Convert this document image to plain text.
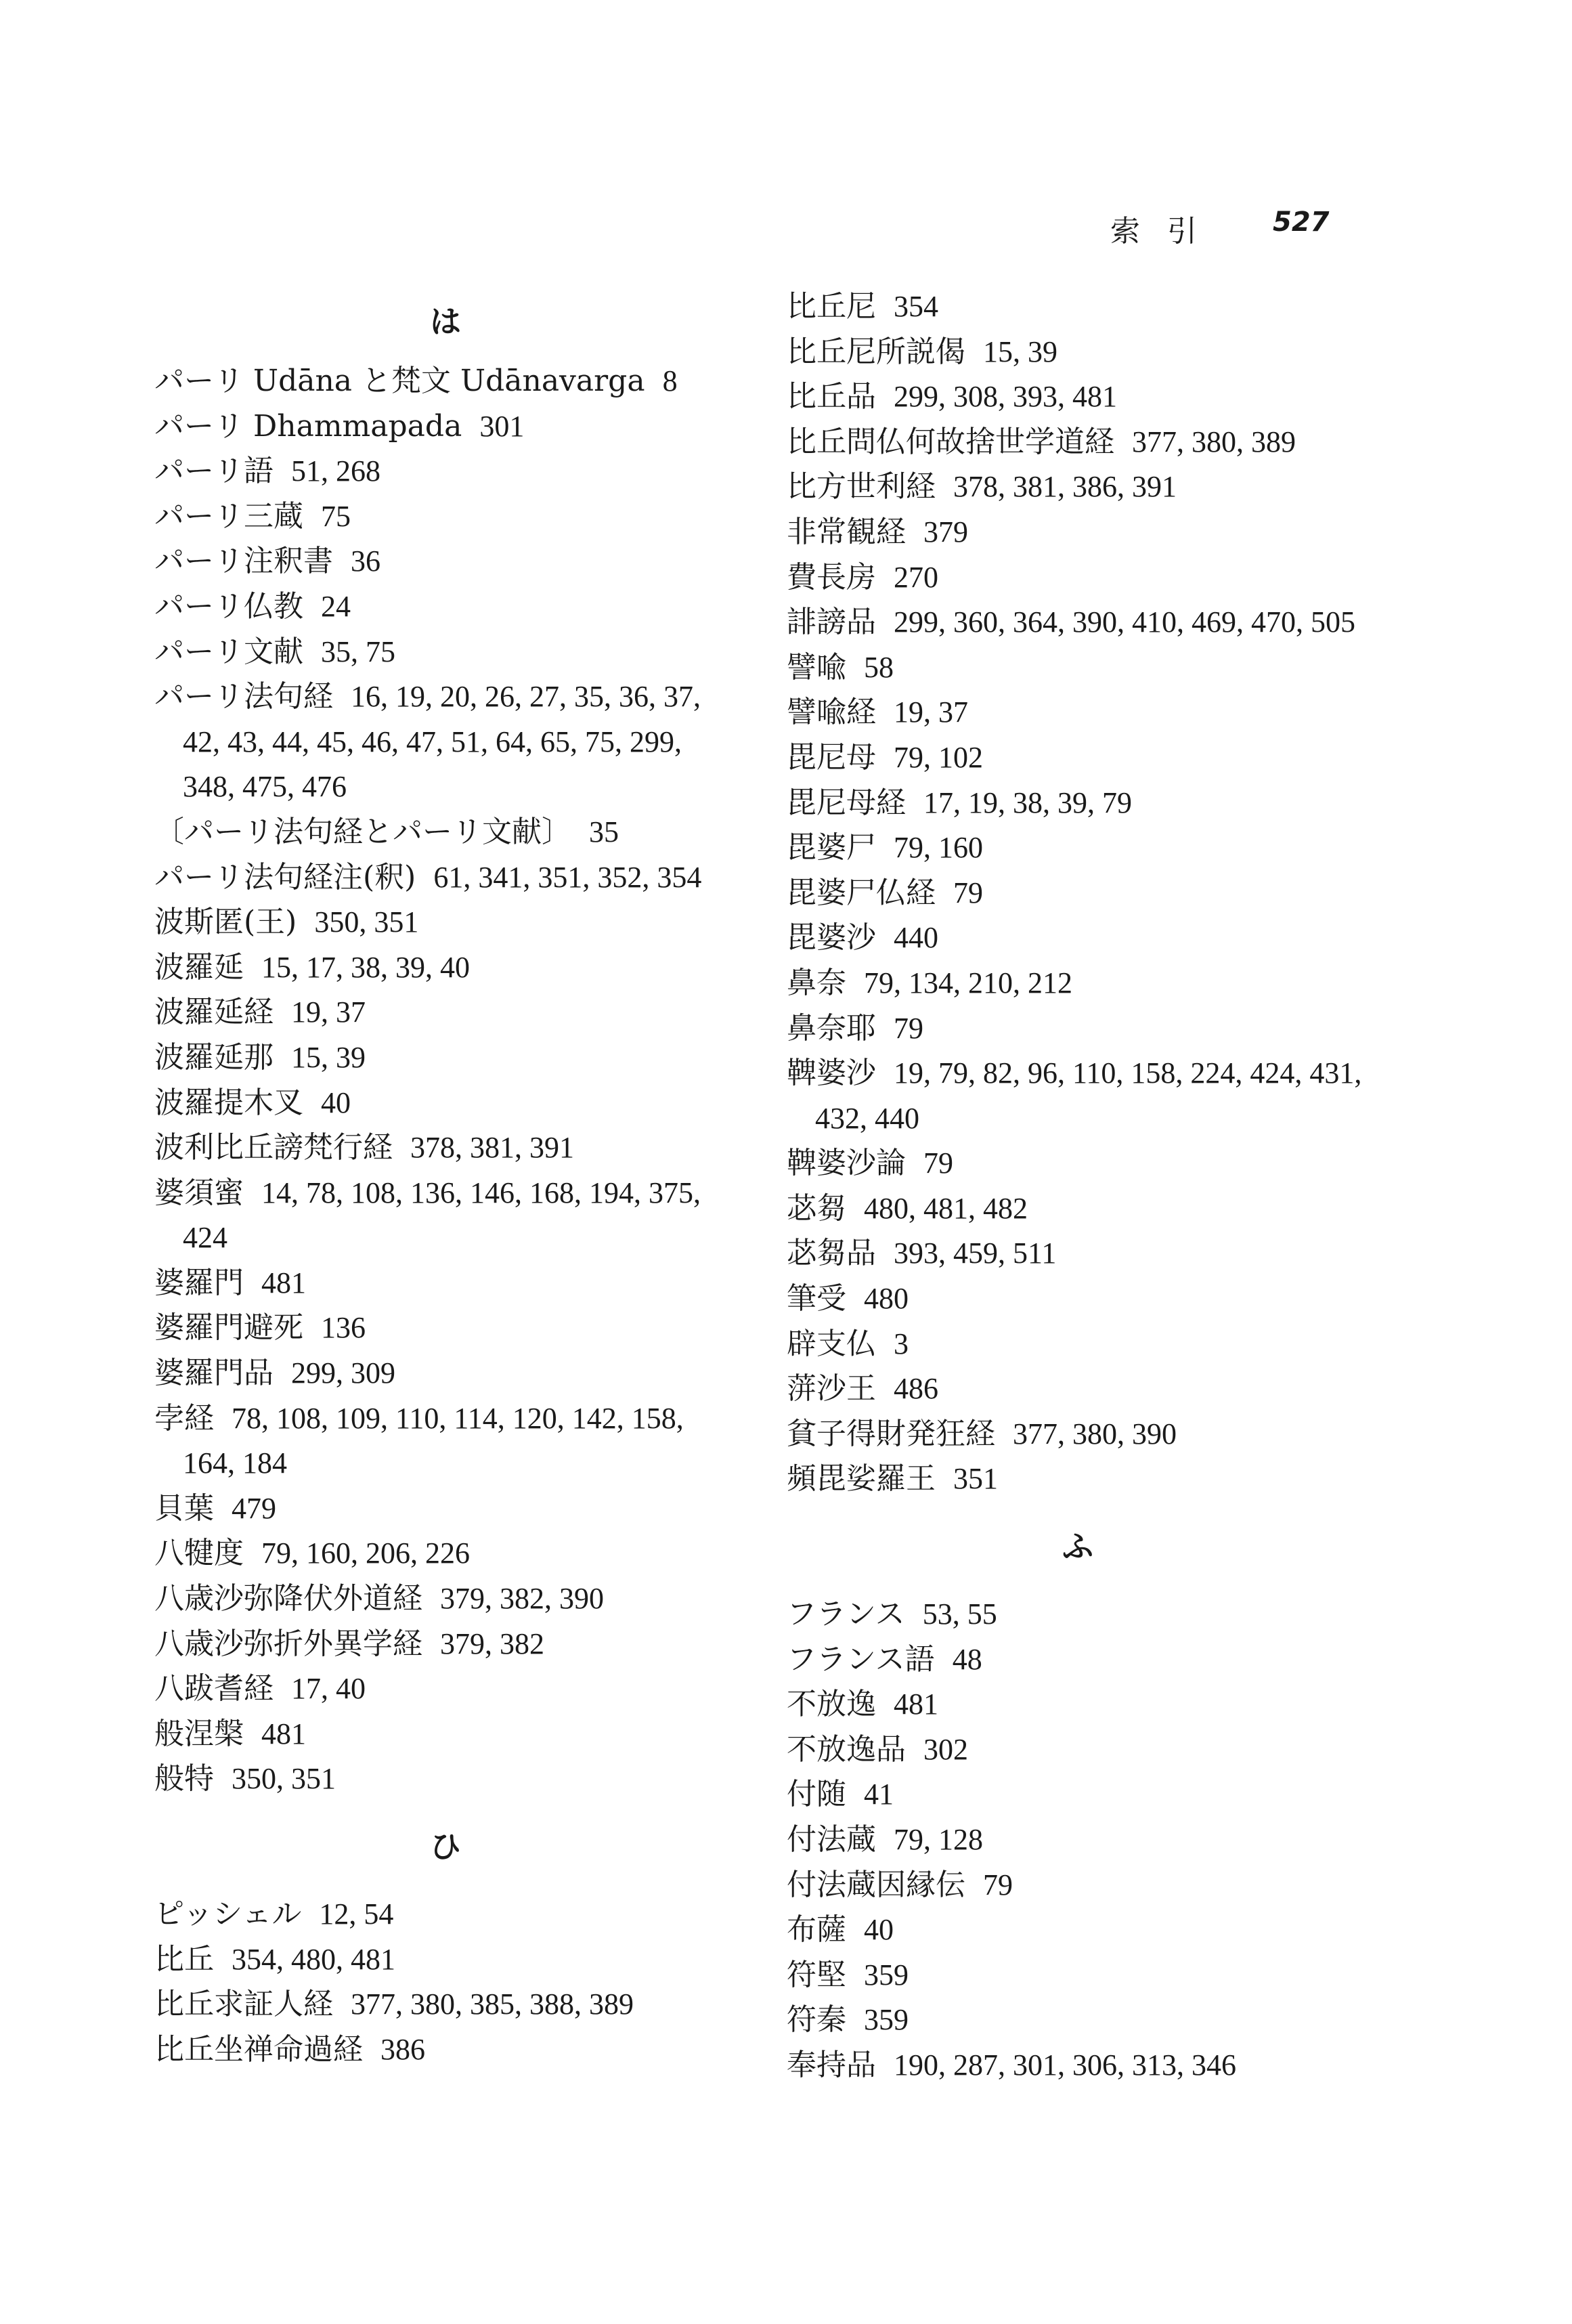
索引 527
は
パーリ Udāna と梵文 Udānavarga 8
パーリ Dhammapada 301
パーリ語 51, 268
パーリ三蔵 75
パーリ注釈書 36
パーリ仏教 24
パーリ文献 35, 75
パーリ法句経 16, 19, 20, 26, 27, 35, 36, 37, 42, 43, 44, 45, 46, 47, 51, 64, 65, 75, 299, 348, 475, 476
〔パーリ法句経とパーリ文献〕 35
パーリ法句経注(釈) 61, 341, 351, 352, 354
波斯匿(王) 350, 351
波羅延 15, 17, 38, 39, 40
波羅延経 19, 37
波羅延那 15, 39
波羅提木叉 40
波利比丘謗梵行経 378, 381, 391
婆須蜜 14, 78, 108, 136, 146, 168, 194, 375, 424
婆羅門 481
婆羅門避死 136
婆羅門品 299, 309
孛経 78, 108, 109, 110, 114, 120, 142, 158, 164, 184
貝葉 479
八犍度 79, 160, 206, 226
八歳沙弥降伏外道経 379, 382, 390
八歳沙弥折外異学経 379, 382
八跋耆経 17, 40
般涅槃 481
般特 350, 351
ひ
ピッシェル 12, 54
比丘 354, 480, 481
比丘求証人経 377, 380, 385, 388, 389
比丘坐禅命過経 386
比丘尼 354
比丘尼所説偈 15, 39
比丘品 299, 308, 393, 481
比丘問仏何故捨世学道経 377, 380, 389
比方世利経 378, 381, 386, 391
非常観経 379
費長房 270
誹謗品 299, 360, 364, 390, 410, 469, 470, 505
譬喩 58
譬喩経 19, 37
毘尼母 79, 102
毘尼母経 17, 19, 38, 39, 79
毘婆尸 79, 160
毘婆尸仏経 79
毘婆沙 440
鼻奈 79, 134, 210, 212
鼻奈耶 79
鞞婆沙 19, 79, 82, 96, 110, 158, 224, 424, 431, 432, 440
鞞婆沙論 79
苾芻 480, 481, 482
苾芻品 393, 459, 511
筆受 480
辟支仏 3
蓱沙王 486
貧子得財発狂経 377, 380, 390
頻毘娑羅王 351
ふ
フランス 53, 55
フランス語 48
不放逸 481
不放逸品 302
付随 41
付法蔵 79, 128
付法蔵因縁伝 79
布薩 40
符堅 359
符秦 359
奉持品 190, 287, 301, 306, 313, 346
